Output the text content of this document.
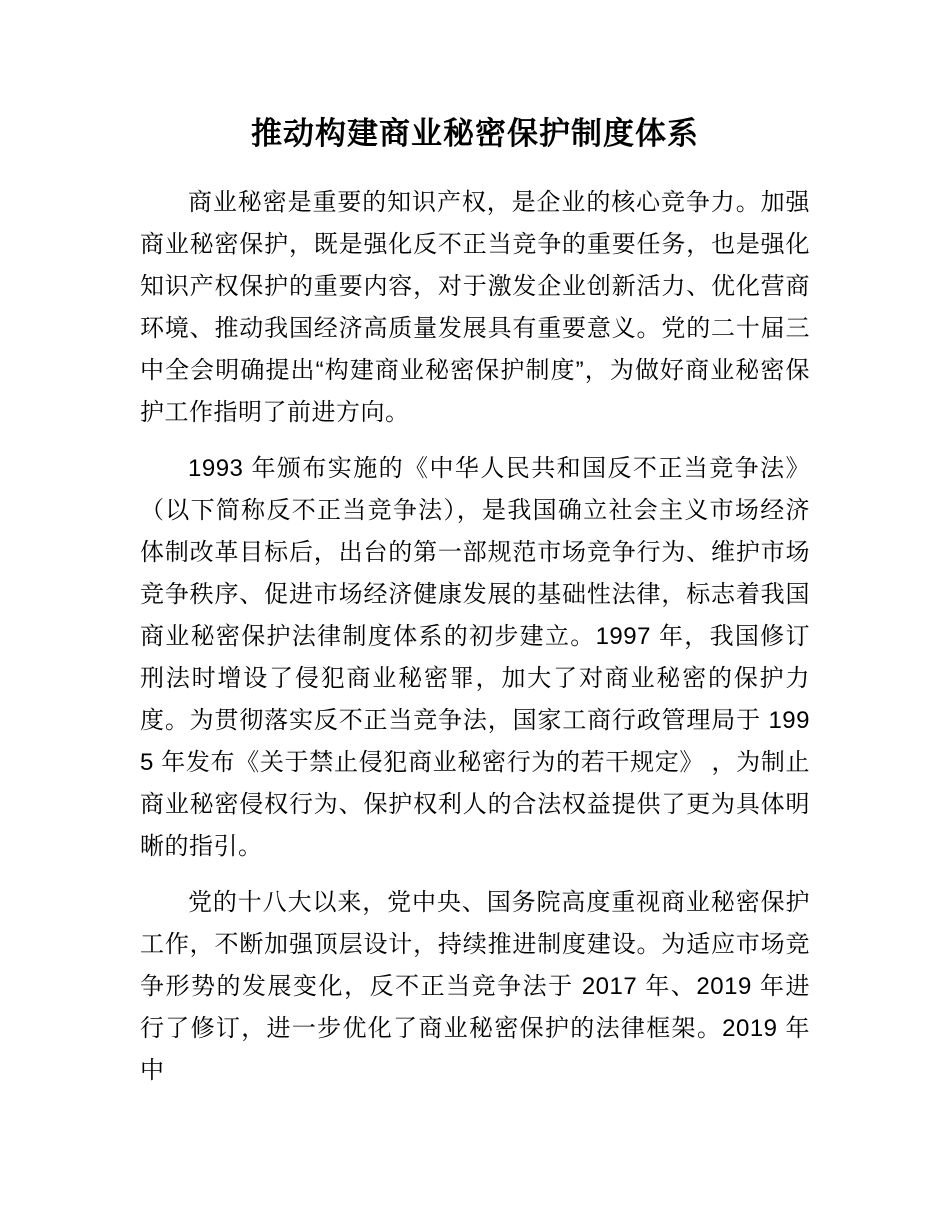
推动构建商业秘密保护制度体系

商业秘密是重要的知识产权，是企业的核心竞争力。加强商业秘密保护，既是强化反不正当竞争的重要任务，也是强化知识产权保护的重要内容，对于激发企业创新活力、优化营商环境、推动我国经济高质量发展具有重要意义。党的二十届三中全会明确提出“构建商业秘密保护制度”，为做好商业秘密保护工作指明了前进方向。

1993 年颁布实施的《中华人民共和国反不正当竞争法》（以下简称反不正当竞争法），是我国确立社会主义市场经济体制改革目标后，出台的第一部规范市场竞争行为、维护市场竞争秩序、促进市场经济健康发展的基础性法律，标志着我国商业秘密保护法律制度体系的初步建立。1997 年，我国修订刑法时增设了侵犯商业秘密罪，加大了对商业秘密的保护力度。为贯彻落实反不正当竞争法，国家工商行政管理局于 1995 年发布《关于禁止侵犯商业秘密行为的若干规定》 ，为制止商业秘密侵权行为、保护权利人的合法权益提供了更为具体明晰的指引。

党的十八大以来，党中央、国务院高度重视商业秘密保护工作，不断加强顶层设计，持续推进制度建设。为适应市场竞争形势的发展变化，反不正当竞争法于 2017 年、2019 年进行了修订，进一步优化了商业秘密保护的法律框架。2019 年中
